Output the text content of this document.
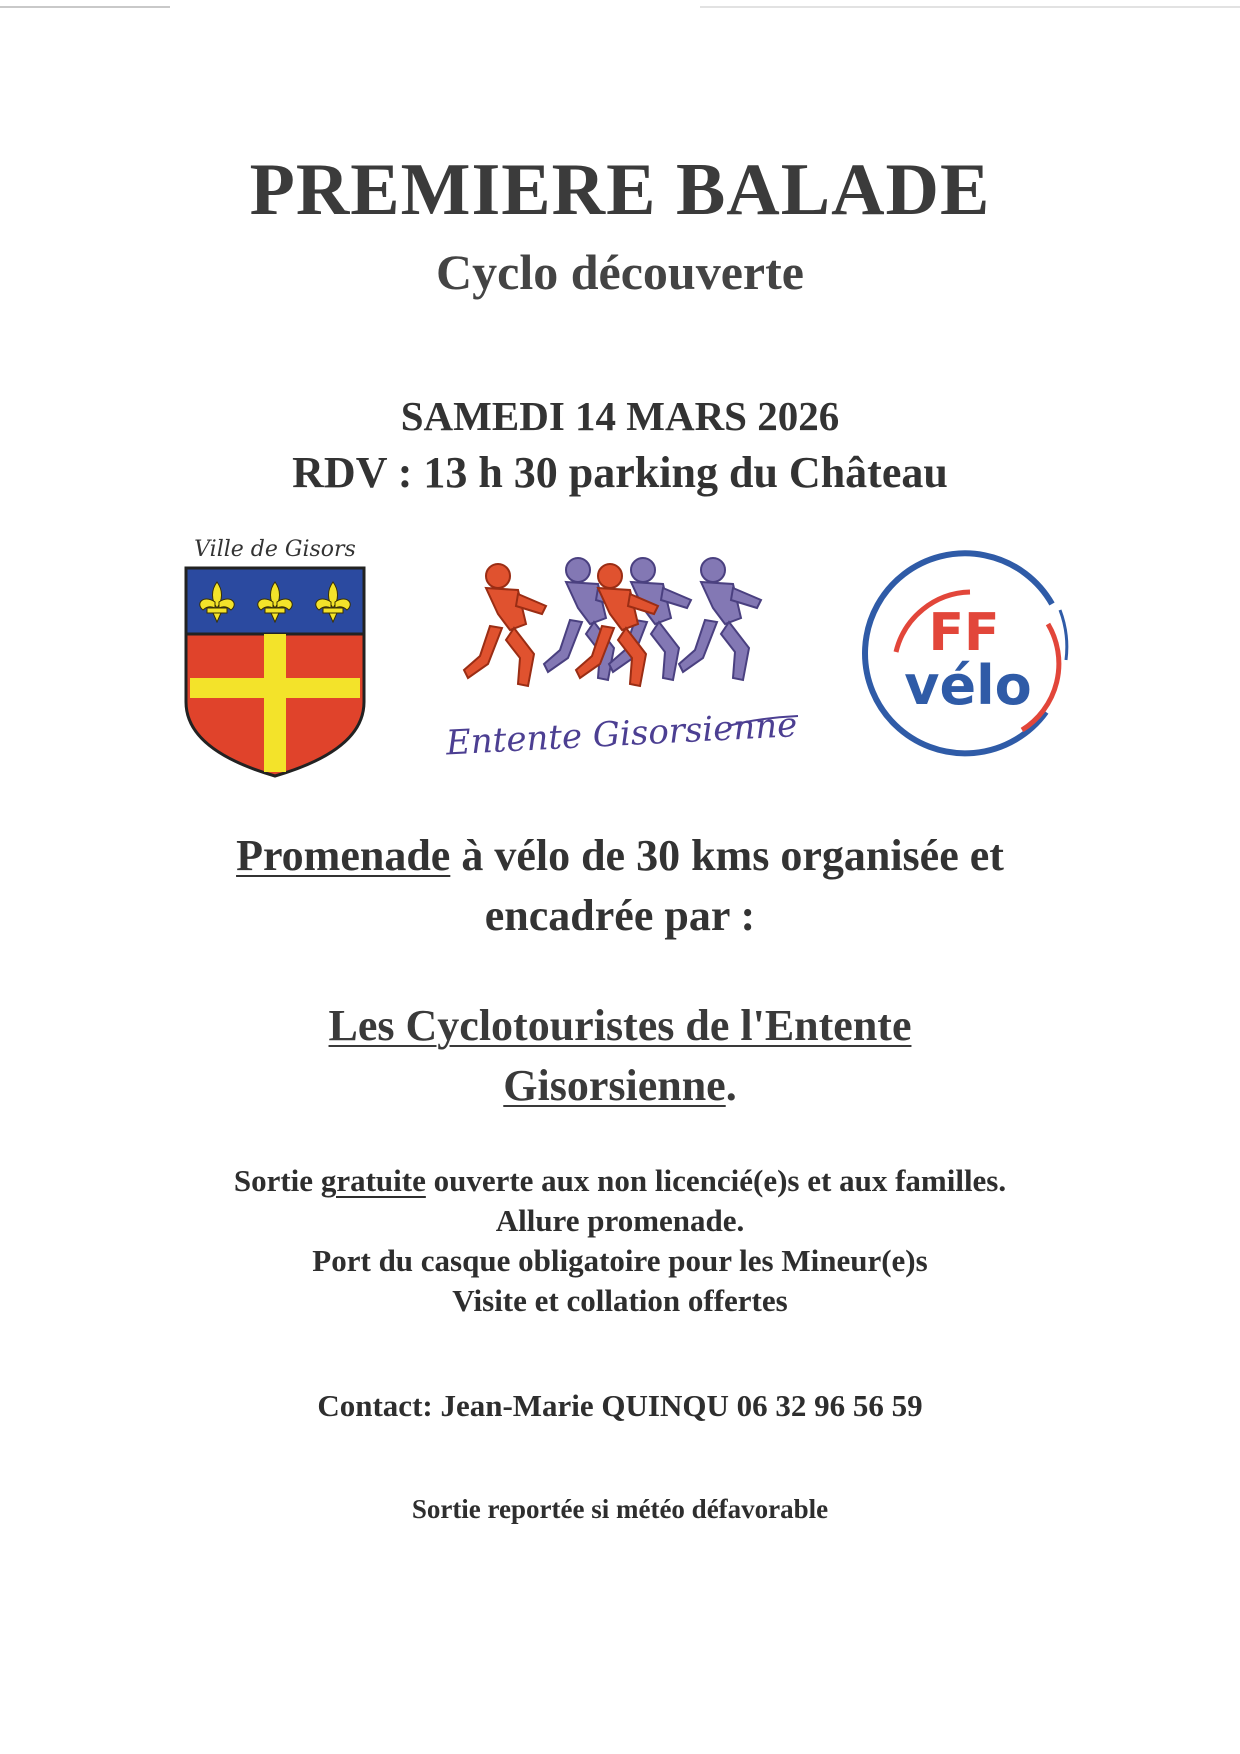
PREMIERE BALADE
Cyclo découverte
SAMEDI 14 MARS 2026
RDV : 13 h 30 parking du Château
Ville de Gisors
Entente Gisorsienne
FF
vélo
Promenade à vélo de 30 kms organisée et
encadrée par :
Les Cyclotouristes de l'Entente
Gisorsienne.
Sortie gratuite ouverte aux non licencié(e)s et aux familles.
Allure promenade.
Port du casque obligatoire pour les Mineur(e)s
Visite et collation offertes
Contact: Jean-Marie QUINQU 06 32 96 56 59
Sortie reportée si météo défavorable
